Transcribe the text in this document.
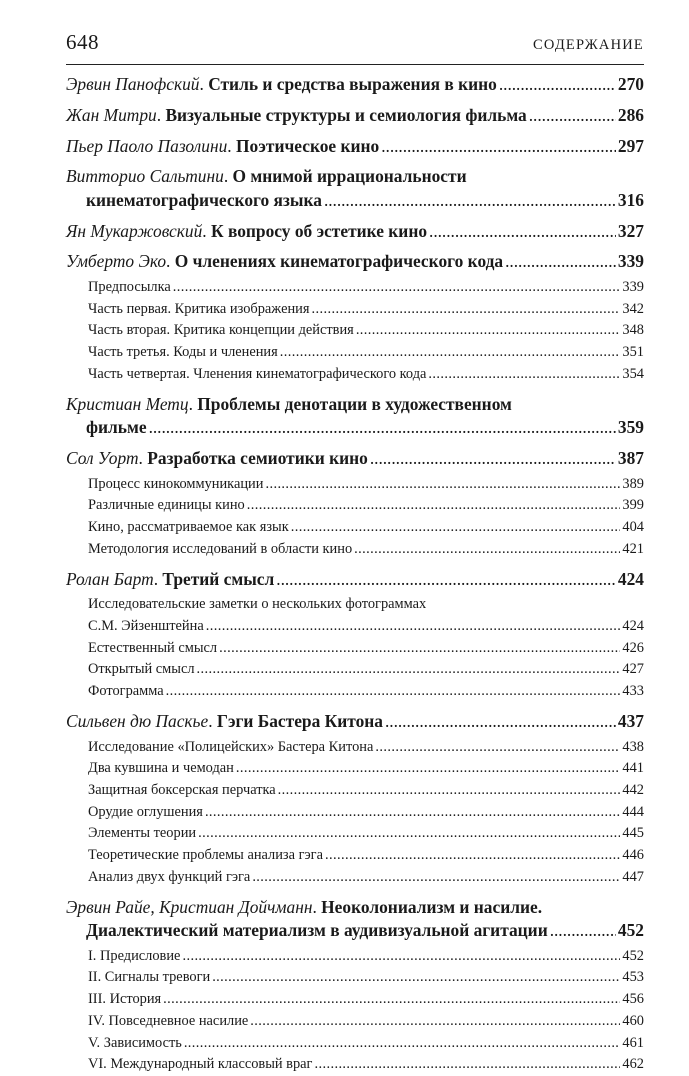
648	СОДЕРЖАНИЕ
Эрвин Панофский. Стиль и средства выражения в кино . . .	270
Жан Митри. Визуальные структуры и семиология фильма . . .	286
Пьер Паоло Пазолини. Поэтическое кино . . .	297
Витторио Сальтини. О мнимой иррациональности
кинематографического языка . . .	316
Ян Мукаржовский. К вопросу об эстетике кино . . .	327
Умберто Эко. О членениях кинематографического кода . . .	339
Предпосылка . . .	339
Часть первая. Критика изображения . . .	342
Часть вторая. Критика концепции действия . . .	348
Часть третья. Коды и членения . . .	351
Часть четвертая. Членения кинематографического кода . . .	354
Кристиан Метц. Проблемы денотации в художественном
фильме . . .	359
Сол Уорт. Разработка семиотики кино . . .	387
Процесс кинокоммуникации . . .	389
Различные единицы кино . . .	399
Кино, рассматриваемое как язык . . .	404
Методология исследований в области кино . . .	421
Ролан Барт. Третий смысл . . .	424
Исследовательские заметки о нескольких фотограммах
С.М. Эйзенштейна . . .	424
Естественный смысл . . .	426
Открытый смысл . . .	427
Фотограмма . . .	433
Сильвен дю Паскье. Гэги Бастера Китона . . .	437
Исследование «Полицейских» Бастера Китона . . .	438
Два кувшина и чемодан . . .	441
Защитная боксерская перчатка . . .	442
Орудие оглушения . . .	444
Элементы теории . . .	445
Теоретические проблемы анализа гэга . . .	446
Анализ двух функций гэга . . .	447
Эрвин Райе, Кристиан Дойчманн. Неоколониализм и насилие.
Диалектический материализм в аудивизуальной агитации . . .	452
I. Предисловие . . .	452
II. Сигналы тревоги . . .	453
III. История . . .	456
IV. Повседневное насилие . . .	460
V. Зависимость . . .	461
VI. Международный классовый враг . . .	462
